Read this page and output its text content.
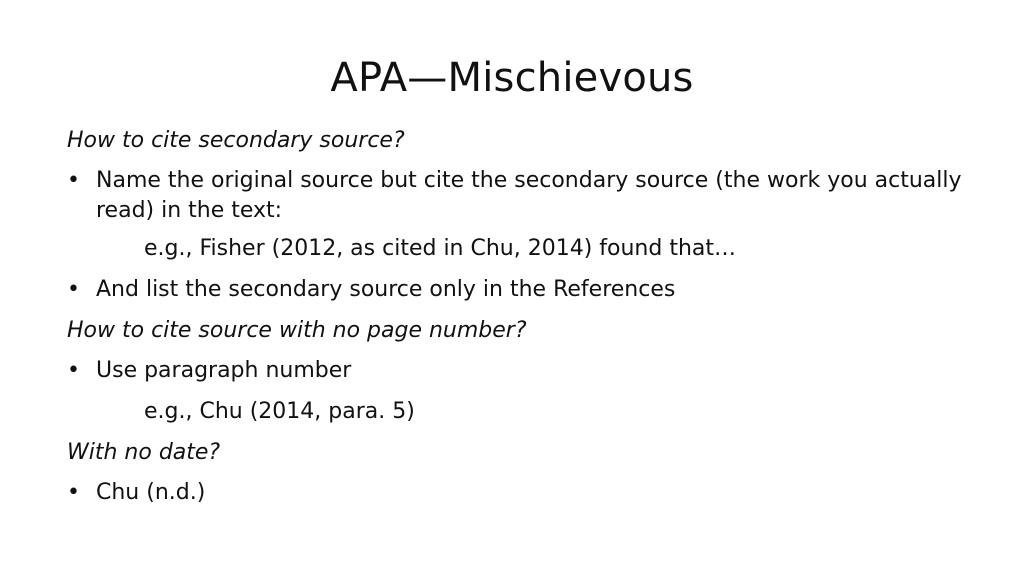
APA—Mischievous

How to cite secondary source?

• Name the original source but cite the secondary source (the work you actually read) in the text:

e.g., Fisher (2012, as cited in Chu, 2014) found that…

• And list the secondary source only in the References

How to cite source with no page number?

• Use paragraph number

e.g., Chu (2014, para. 5)

With no date?

• Chu (n.d.)
